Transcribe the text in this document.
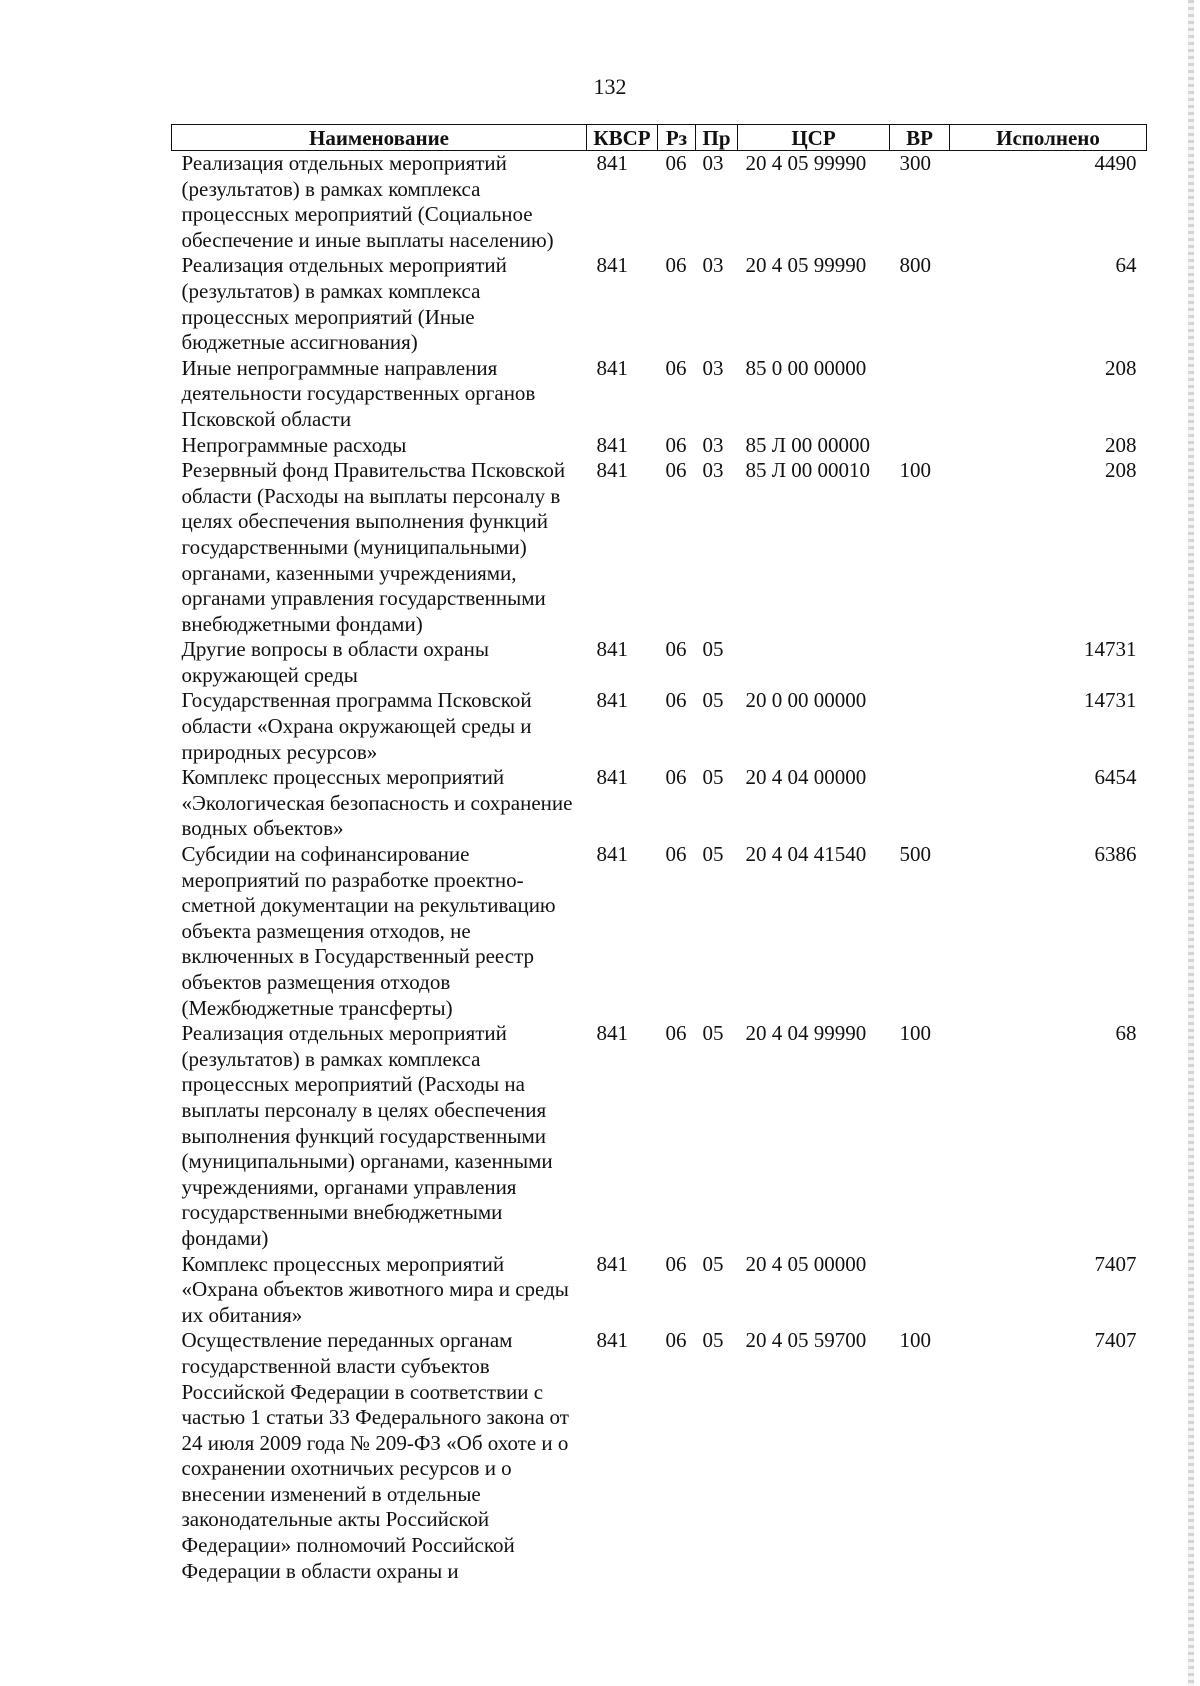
132
Наименование	КВСР	Рз	Пр	ЦСР	ВР	Исполнено
Реализация отдельных мероприятий (результатов) в рамках комплекса процессных мероприятий (Социальное обеспечение и иные выплаты населению)	841	06	03	20 4 05 99990	300	4490
Реализация отдельных мероприятий (результатов) в рамках комплекса процессных мероприятий (Иные бюджетные ассигнования)	841	06	03	20 4 05 99990	800	64
Иные непрограммные направления деятельности государственных органов Псковской области	841	06	03	85 0 00 00000		208
Непрограммные расходы	841	06	03	85 Л 00 00000		208
Резервный фонд Правительства Псковской области (Расходы на выплаты персоналу в целях обеспечения выполнения функций государственными (муниципальными) органами, казенными учреждениями, органами управления государственными внебюджетными фондами)	841	06	03	85 Л 00 00010	100	208
Другие вопросы в области охраны окружающей среды	841	06	05			14731
Государственная программа Псковской области «Охрана окружающей среды и природных ресурсов»	841	06	05	20 0 00 00000		14731
Комплекс процессных мероприятий «Экологическая безопасность и сохранение водных объектов»	841	06	05	20 4 04 00000		6454
Субсидии на софинансирование мероприятий по разработке проектно-сметной документации на рекультивацию объекта размещения отходов, не включенных в Государственный реестр объектов размещения отходов (Межбюджетные трансферты)	841	06	05	20 4 04 41540	500	6386
Реализация отдельных мероприятий (результатов) в рамках комплекса процессных мероприятий (Расходы на выплаты персоналу в целях обеспечения выполнения функций государственными (муниципальными) органами, казенными учреждениями, органами управления государственными внебюджетными фондами)	841	06	05	20 4 04 99990	100	68
Комплекс процессных мероприятий «Охрана объектов животного мира и среды их обитания»	841	06	05	20 4 05 00000		7407
Осуществление переданных органам государственной власти субъектов Российской Федерации в соответствии с частью 1 статьи 33 Федерального закона от 24 июля 2009 года № 209-ФЗ «Об охоте и о сохранении охотничьих ресурсов и о внесении изменений в отдельные законодательные акты Российской Федерации» полномочий Российской Федерации в области охраны и	841	06	05	20 4 05 59700	100	7407
